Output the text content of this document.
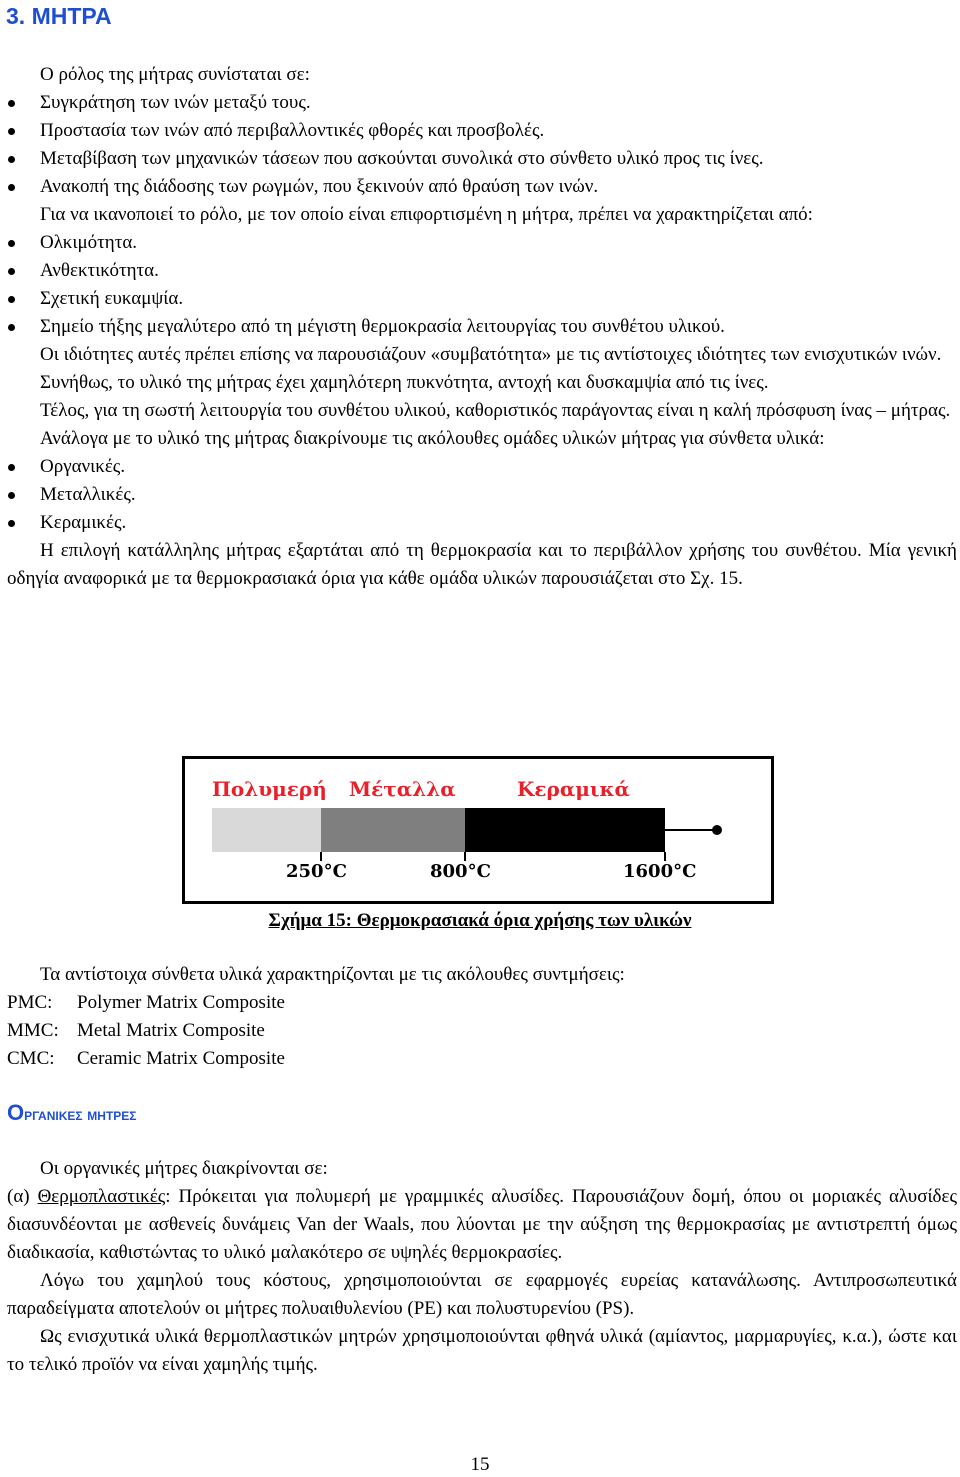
3. ΜΗΤΡΑ

Ο ρόλος της μήτρας συνίσταται σε:

Συγκράτηση των ινών μεταξύ τους.
Προστασία των ινών από περιβαλλοντικές φθορές και προσβολές.
Μεταβίβαση των μηχανικών τάσεων που ασκούνται συνολικά στο σύνθετο υλικό προς τις ίνες.
Ανακοπή της διάδοσης των ρωγμών, που ξεκινούν από θραύση των ινών.

Για να ικανοποιεί το ρόλο, με τον οποίο είναι επιφορτισμένη η μήτρα, πρέπει να χαρακτηρίζεται από:

Ολκιμότητα.
Ανθεκτικότητα.
Σχετική ευκαμψία.
Σημείο τήξης μεγαλύτερο από τη μέγιστη θερμοκρασία λειτουργίας του συνθέτου υλικού.

Οι ιδιότητες αυτές πρέπει επίσης να παρουσιάζουν «συμβατότητα» με τις αντίστοιχες ιδιότητες των ενισχυτικών ινών.

Συνήθως, το υλικό της μήτρας έχει χαμηλότερη πυκνότητα, αντοχή και δυσκαμψία από τις ίνες.

Τέλος, για τη σωστή λειτουργία του συνθέτου υλικού, καθοριστικός παράγοντας είναι η καλή πρόσφυση ίνας – μήτρας.

Ανάλογα με το υλικό της μήτρας διακρίνουμε τις ακόλουθες ομάδες υλικών μήτρας για σύνθετα υλικά:

Οργανικές.
Μεταλλικές.
Κεραμικές.

Η επιλογή κατάλληλης μήτρας εξαρτάται από τη θερμοκρασία και το περιβάλλον χρήσης του συνθέτου. Μία γενική οδηγία αναφορικά με τα θερμοκρασιακά όρια για κάθε ομάδα υλικών παρουσιάζεται στο Σχ. 15.

Πολυμερή Μέταλλα	Κεραμικά

250°C	800°C	1600°C

Σχήμα 15: Θερμοκρασιακά όρια χρήσης των υλικών

Τα αντίστοιχα σύνθετα υλικά χαρακτηρίζονται με τις ακόλουθες συντμήσεις:

PMC: Polymer Matrix Composite
MMC: Metal Matrix Composite
CMC: Ceramic Matrix Composite
Οργανικες μητρες

Οι οργανικές μήτρες διακρίνονται σε:

(α) Θερμοπλαστικές: Πρόκειται για πολυμερή με γραμμικές αλυσίδες. Παρουσιάζουν δομή, όπου οι μοριακές αλυσίδες διασυνδέονται με ασθενείς δυνάμεις Van der Waals, που λύονται με την αύξηση της θερμοκρασίας με αντιστρεπτή όμως διαδικασία, καθιστώντας το υλικό μαλακότερο σε υψηλές θερμοκρασίες.

Λόγω του χαμηλού τους κόστους, χρησιμοποιούνται σε εφαρμογές ευρείας κατανάλωσης. Αντιπροσωπευτικά παραδείγματα αποτελούν οι μήτρες πολυαιθυλενίου (PE) και πολυστυρενίου (PS).

Ως ενισχυτικά υλικά θερμοπλαστικών μητρών χρησιμοποιούνται φθηνά υλικά (αμίαντος, μαρμαρυγίες, κ.α.), ώστε και το τελικό προϊόν να είναι χαμηλής τιμής.

15
